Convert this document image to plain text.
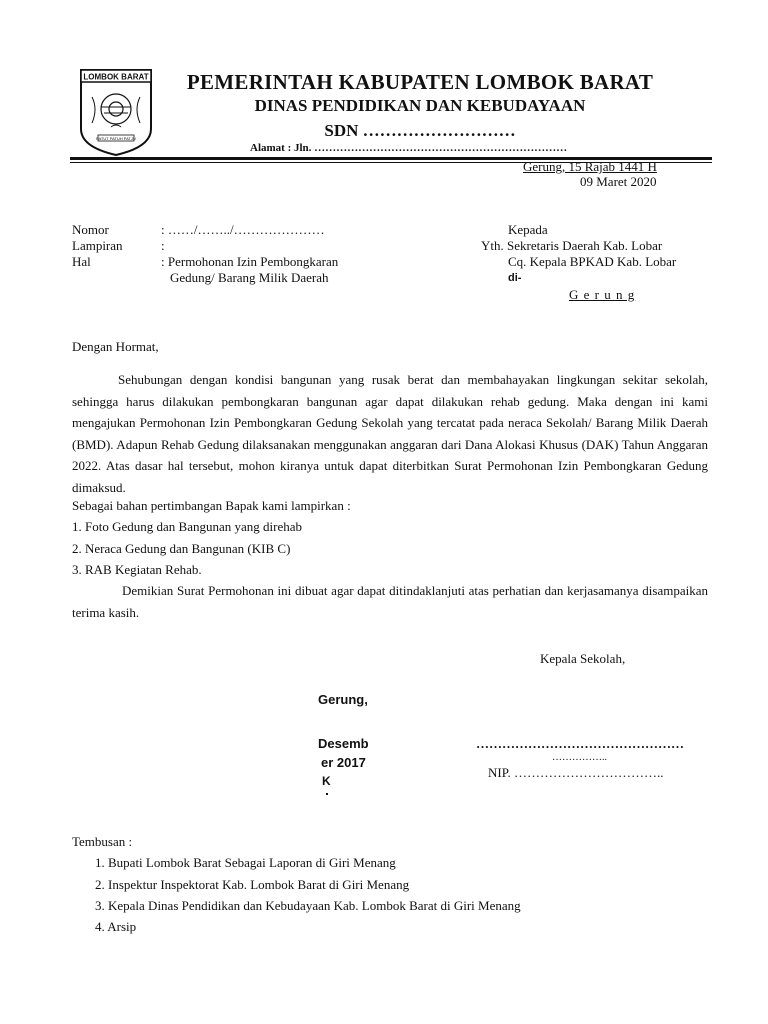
LOMBOK BARAT
PATUT PATUH PATJU
PEMERINTAH KABUPATEN LOMBOK BARAT
DINAS PENDIDIKAN DAN KEBUDAYAAN
SDN ………………………
Alamat : Jln. ……………………………………………………………
Gerung, 15 Rajab 1441 H
09 Maret 2020
Nomor	: ……/……../…………………
Lampiran	:
Hal	: Permohonan Izin Pembongkaran
Gedung/ Barang Milik Daerah
Kepada
Yth. Sekretaris Daerah Kab. Lobar
Cq. Kepala BPKAD Kab. Lobar
di-
G e r u n g
Dengan Hormat,
Sehubungan dengan kondisi bangunan yang rusak berat dan membahayakan lingkungan sekitar sekolah, sehingga harus dilakukan pembongkaran bangunan agar dapat dilakukan rehab gedung. Maka dengan ini kami mengajukan Permohonan Izin Pembongkaran Gedung Sekolah yang tercatat pada neraca Sekolah/ Barang Milik Daerah (BMD). Adapun Rehab Gedung dilaksanakan menggunakan anggaran dari Dana Alokasi Khusus (DAK) Tahun Anggaran 2022. Atas dasar hal tersebut, mohon kiranya untuk dapat diterbitkan Surat Permohonan Izin Pembongkaran Gedung dimaksud.
Sebagai bahan pertimbangan Bapak kami lampirkan :
1. Foto Gedung dan Bangunan yang direhab
2. Neraca Gedung dan Bangunan (KIB C)
3. RAB Kegiatan Rehab.
Demikian Surat Permohonan ini dibuat agar dapat ditindaklanjuti atas perhatian dan kerjasamanya disampaikan terima kasih.
Kepala Sekolah,
…………………………………………
……………..
NIP. ……………………………..
Gerung,
Desemb
er 2017
K
Tembusan :
1. Bupati Lombok Barat Sebagai Laporan di Giri Menang
2. Inspektur Inspektorat Kab. Lombok Barat di Giri Menang
3. Kepala Dinas Pendidikan dan Kebudayaan Kab. Lombok Barat di Giri Menang
4. Arsip
